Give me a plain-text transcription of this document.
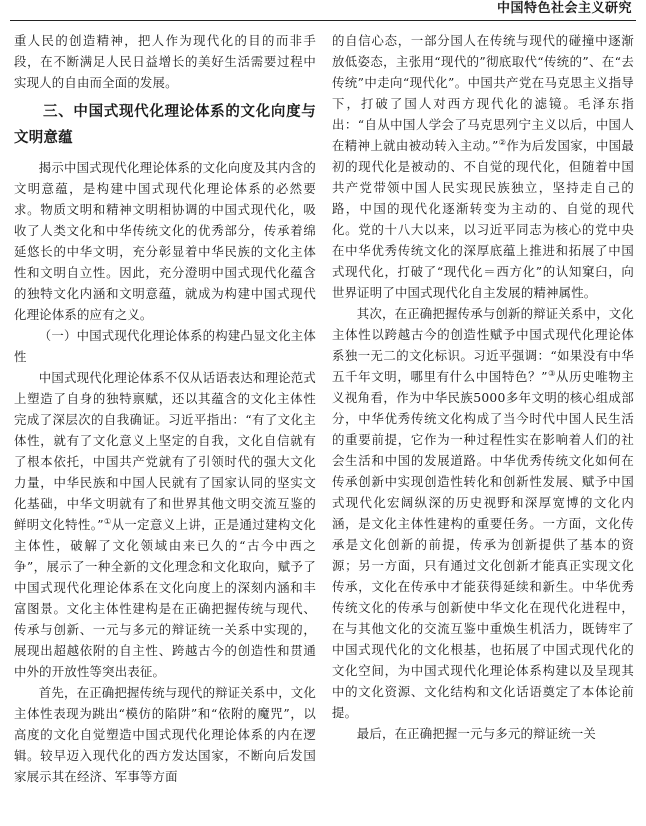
中国特色社会主义研究

重人民的创造精神，把人作为现代化的目的而非手段，在不断满足人民日益增长的美好生活需要过程中实现人的自由而全面的发展。

三、中国式现代化理论体系的文化向度与文明意蕴

揭示中国式现代化理论体系的文化向度及其内含的文明意蕴，是构建中国式现代化理论体系的必然要求。物质文明和精神文明相协调的中国式现代化，吸收了人类文化和中华传统文化的优秀部分，传承着绵延悠长的中华文明，充分彰显着中华民族的文化主体性和文明自立性。因此，充分澄明中国式现代化蕴含的独特文化内涵和文明意蕴，就成为构建中国式现代化理论体系的应有之义。

（一）中国式现代化理论体系的构建凸显文化主体性

中国式现代化理论体系不仅从话语表达和理论范式上塑造了自身的独特禀赋，还以其蕴含的文化主体性完成了深层次的自我确证。习近平指出：“有了文化主体性，就有了文化意义上坚定的自我，文化自信就有了根本依托，中国共产党就有了引领时代的强大文化力量，中华民族和中国人民就有了国家认同的坚实文化基础，中华文明就有了和世界其他文明交流互鉴的鲜明文化特性。”①从一定意义上讲，正是通过建构文化主体性，破解了文化领域由来已久的“古今中西之争”，展示了一种全新的文化理念和文化取向，赋予了中国式现代化理论体系在文化向度上的深刻内涵和丰富图景。文化主体性建构是在正确把握传统与现代、传承与创新、一元与多元的辩证统一关系中实现的，展现出超越依附的自主性、跨越古今的创造性和贯通中外的开放性等突出表征。

首先，在正确把握传统与现代的辩证关系中，文化主体性表现为跳出“模仿的陷阱”和“依附的魔咒”，以高度的文化自觉塑造中国式现代化理论体系的内在逻辑。较早迈入现代化的西方发达国家，不断向后发国家展示其在经济、军事等方面

的自信心态，一部分国人在传统与现代的碰撞中逐渐放低姿态，主张用“现代的”彻底取代“传统的”、在“去传统”中走向“现代化”。中国共产党在马克思主义指导下，打破了国人对西方现代化的滤镜。毛泽东指出：“自从中国人学会了马克思列宁主义以后，中国人在精神上就由被动转入主动。”②作为后发国家，中国最初的现代化是被动的、不自觉的现代化，但随着中国共产党带领中国人民实现民族独立，坚持走自己的路，中国的现代化逐渐转变为主动的、自觉的现代化。党的十八大以来，以习近平同志为核心的党中央在中华优秀传统文化的深厚底蕴上推进和拓展了中国式现代化，打破了“现代化＝西方化”的认知窠臼，向世界证明了中国式现代化自主发展的精神属性。

其次，在正确把握传承与创新的辩证关系中，文化主体性以跨越古今的创造性赋予中国式现代化理论体系独一无二的文化标识。习近平强调：“如果没有中华五千年文明，哪里有什么中国特色？”③从历史唯物主义视角看，作为中华民族5000多年文明的核心组成部分，中华优秀传统文化构成了当今时代中国人民生活的重要前提，它作为一种过程性实在影响着人们的社会生活和中国的发展道路。中华优秀传统文化如何在传承创新中实现创造性转化和创新性发展、赋予中国式现代化宏阔纵深的历史视野和深厚宽博的文化内涵，是文化主体性建构的重要任务。一方面，文化传承是文化创新的前提，传承为创新提供了基本的资源；另一方面，只有通过文化创新才能真正实现文化传承，文化在传承中才能获得延续和新生。中华优秀传统文化的传承与创新使中华文化在现代化进程中，在与其他文化的交流互鉴中重焕生机活力，既铸牢了中国式现代化的文化根基，也拓展了中国式现代化的文化空间，为中国式现代化理论体系构建以及呈现其中的文化资源、文化结构和文化话语奠定了本体论前提。

最后，在正确把握一元与多元的辩证统一关
